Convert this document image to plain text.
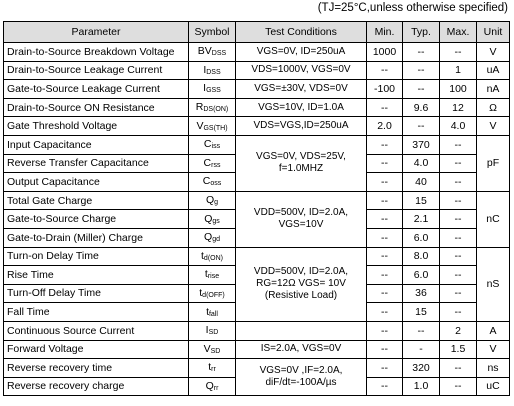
(TJ=25°C,unless otherwise specified)
Parameter	Symbol	Test Conditions	Min.	Typ.	Max.	Unit
Drain-to-Source Breakdown Voltage	$BV_{DSS}$	VGS=0V, ID=250uA	1000	--	--	V
Drain-to-Source Leakage Current	$I_{DSS}$	VDS=1000V, VGS=0V	--	--	1	uA
Gate-to-Source Leakage Current	$I_{GSS}$	VGS=±30V, VDS=0V	-100	--	100	nA
Drain-to-Source ON Resistance	$R_{DS(ON)}$	VGS=10V, ID=1.0A	--	9.6	12	Ω
Gate Threshold Voltage	$V_{GS(TH)}$	VDS=VGS,ID=250uA	2.0	--	4.0	V
Input Capacitance	$C_{iss}$	VGS=0V, VDS=25V, f=1.0MHZ	--	370	--	pF
Reverse Transfer Capacitance	$C_{rss}$		--	4.0	--	
Output Capacitance	$C_{oss}$		--	40	--	
Total Gate Charge	$Q_g$	VDD=500V, ID=2.0A, VGS=10V	--	15	--	nC
Gate-to-Source Charge	$Q_{gs}$		--	2.1	--	
Gate-to-Drain (Miller) Charge	$Q_{gd}$		--	6.0	--	
Turn-on Delay Time	$t_{d(ON)}$	VDD=500V, ID=2.0A, RG=12Ω VGS= 10V (Resistive Load)	--	8.0	--	nS
Rise Time	$t_{rise}$		--	6.0	--	
Turn-Off Delay Time	$t_{d(OFF)}$		--	36	--	
Fall Time	$t_{fall}$		--	15	--	
Continuous Source Current	$I_{SD}$		--	--	2	A
Forward Voltage	$V_{SD}$	IS=2.0A, VGS=0V	--	-	1.5	V
Reverse recovery time	$t_{rr}$	VGS=0V ,IF=2.0A, diF/dt=-100A/µs	--	320	--	ns
Reverse recovery charge	$Q_{rr}$		--	1.0	--	uC
